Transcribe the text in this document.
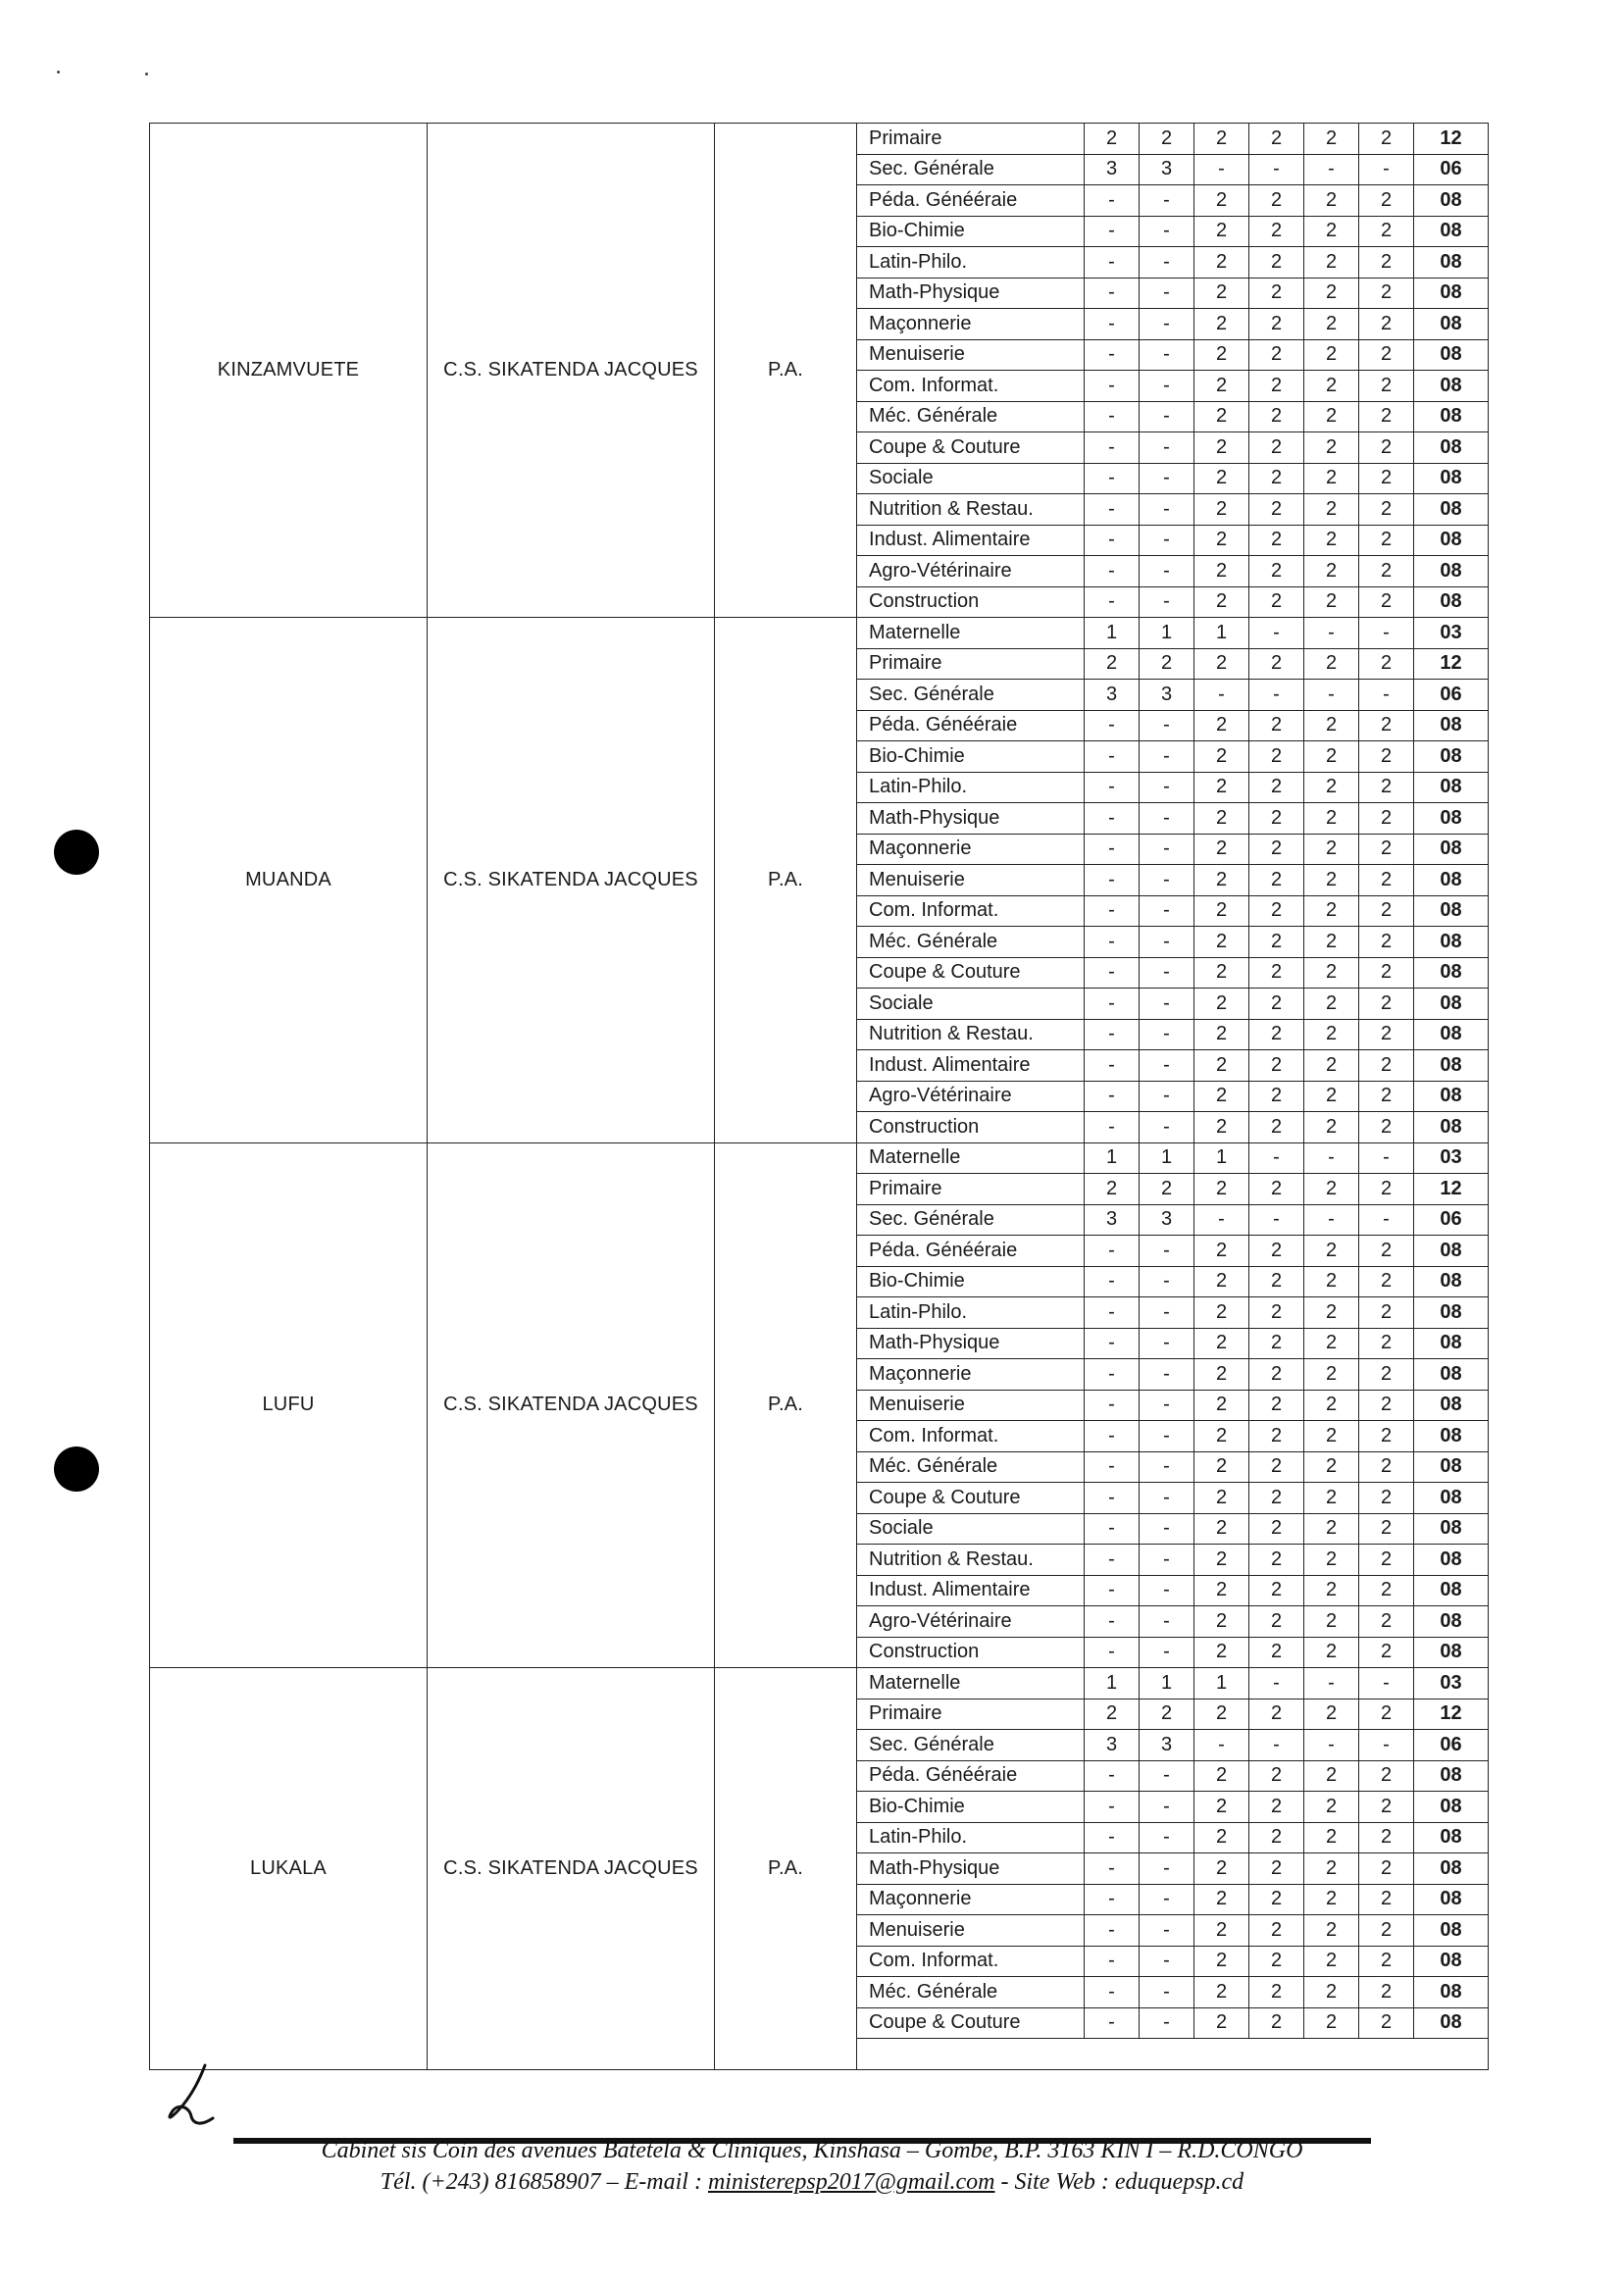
KINZAMVUETE	C.S. SIKATENDA JACQUES	P.A.	Primaire	2	2	2	2	2	2	12
			Sec. Générale	3	3	-	-	-	-	06
			Péda. Génééraie	-	-	2	2	2	2	08
			Bio-Chimie	-	-	2	2	2	2	08
			Latin-Philo.	-	-	2	2	2	2	08
			Math-Physique	-	-	2	2	2	2	08
			Maçonnerie	-	-	2	2	2	2	08
			Menuiserie	-	-	2	2	2	2	08
			Com. Informat.	-	-	2	2	2	2	08
			Méc. Générale	-	-	2	2	2	2	08
			Coupe & Couture	-	-	2	2	2	2	08
			Sociale	-	-	2	2	2	2	08
			Nutrition & Restau.	-	-	2	2	2	2	08
			Indust. Alimentaire	-	-	2	2	2	2	08
			Agro-Vétérinaire	-	-	2	2	2	2	08
			Construction	-	-	2	2	2	2	08
MUANDA	C.S. SIKATENDA JACQUES	P.A.	Maternelle	1	1	1	-	-	-	03
			Primaire	2	2	2	2	2	2	12
			Sec. Générale	3	3	-	-	-	-	06
			Péda. Génééraie	-	-	2	2	2	2	08
			Bio-Chimie	-	-	2	2	2	2	08
			Latin-Philo.	-	-	2	2	2	2	08
			Math-Physique	-	-	2	2	2	2	08
			Maçonnerie	-	-	2	2	2	2	08
			Menuiserie	-	-	2	2	2	2	08
			Com. Informat.	-	-	2	2	2	2	08
			Méc. Générale	-	-	2	2	2	2	08
			Coupe & Couture	-	-	2	2	2	2	08
			Sociale	-	-	2	2	2	2	08
			Nutrition & Restau.	-	-	2	2	2	2	08
			Indust. Alimentaire	-	-	2	2	2	2	08
			Agro-Vétérinaire	-	-	2	2	2	2	08
			Construction	-	-	2	2	2	2	08
LUFU	C.S. SIKATENDA JACQUES	P.A.	Maternelle	1	1	1	-	-	-	03
			Primaire	2	2	2	2	2	2	12
			Sec. Générale	3	3	-	-	-	-	06
			Péda. Génééraie	-	-	2	2	2	2	08
			Bio-Chimie	-	-	2	2	2	2	08
			Latin-Philo.	-	-	2	2	2	2	08
			Math-Physique	-	-	2	2	2	2	08
			Maçonnerie	-	-	2	2	2	2	08
			Menuiserie	-	-	2	2	2	2	08
			Com. Informat.	-	-	2	2	2	2	08
			Méc. Générale	-	-	2	2	2	2	08
			Coupe & Couture	-	-	2	2	2	2	08
			Sociale	-	-	2	2	2	2	08
			Nutrition & Restau.	-	-	2	2	2	2	08
			Indust. Alimentaire	-	-	2	2	2	2	08
			Agro-Vétérinaire	-	-	2	2	2	2	08
			Construction	-	-	2	2	2	2	08
LUKALA	C.S. SIKATENDA JACQUES	P.A.	Maternelle	1	1	1	-	-	-	03
			Primaire	2	2	2	2	2	2	12
			Sec. Générale	3	3	-	-	-	-	06
			Péda. Génééraie	-	-	2	2	2	2	08
			Bio-Chimie	-	-	2	2	2	2	08
			Latin-Philo.	-	-	2	2	2	2	08
			Math-Physique	-	-	2	2	2	2	08
			Maçonnerie	-	-	2	2	2	2	08
			Menuiserie	-	-	2	2	2	2	08
			Com. Informat.	-	-	2	2	2	2	08
			Méc. Générale	-	-	2	2	2	2	08
			Coupe & Couture	-	-	2	2	2	2	08

Cabinet sis Coin des avenues Batetela & Cliniques, Kinshasa – Gombe, B.P. 3163 KIN I – R.D.CONGO
Tél. (+243) 816858907 – E-mail : ministerepsp2017@gmail.com - Site Web : eduquepsp.cd
